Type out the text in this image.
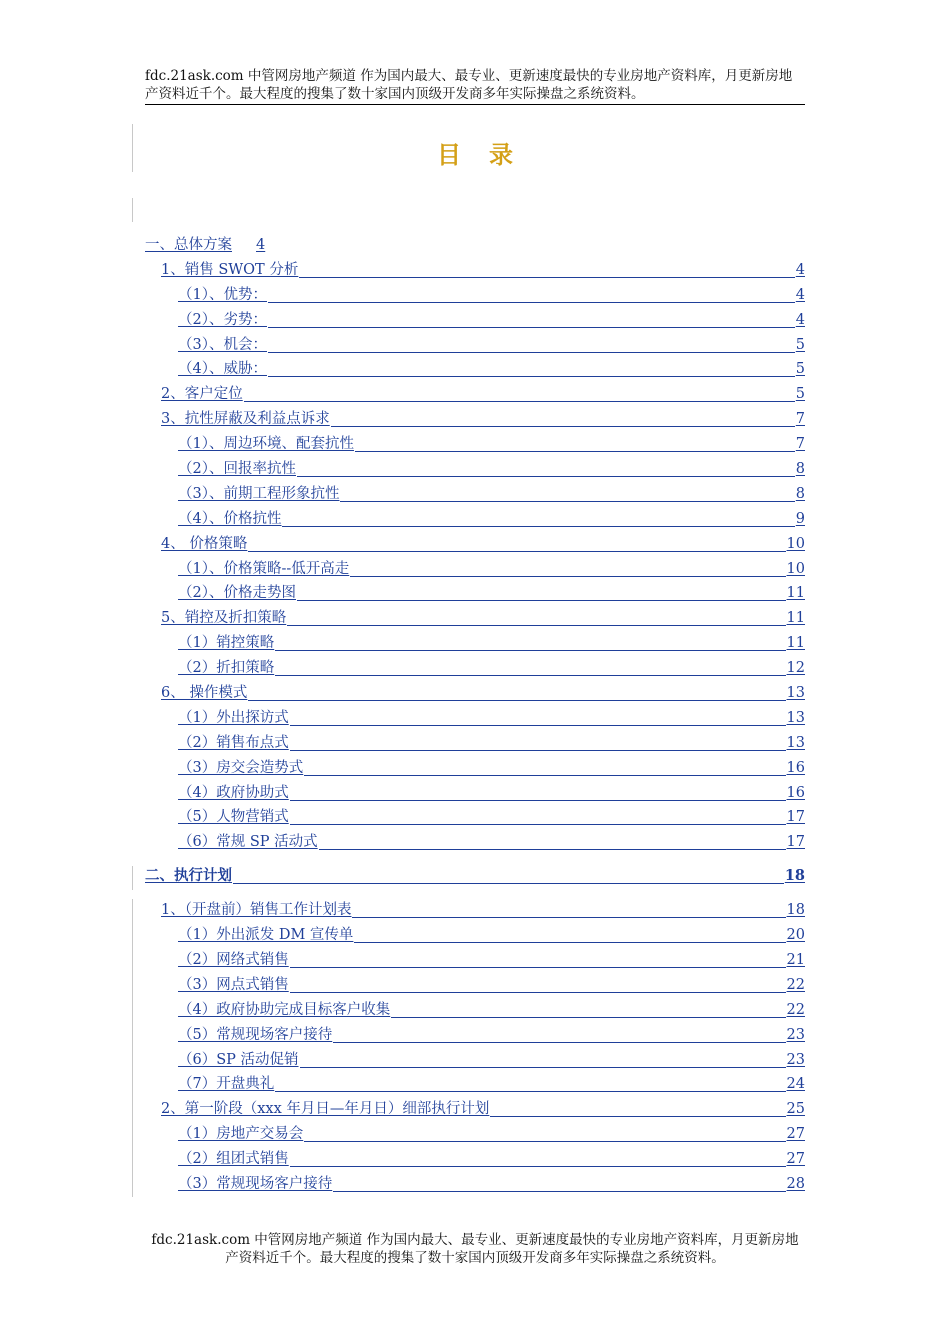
fdc.21ask.com 中管网房地产频道 作为国内最大、最专业、更新速度最快的专业房地产资料库，月更新房地产资料近千个。最大程度的搜集了数十家国内顶级开发商多年实际操盘之系统资料。
目录
一、总体方案 4
1、销售 SWOT 分析	4
（1）、优势：	4
（2）、劣势：	4
（3）、机会：	5
（4）、威胁：	5
2、客户定位	5
3、抗性屏蔽及利益点诉求	7
（1）、周边环境、配套抗性	7
（2）、回报率抗性	8
（3）、前期工程形象抗性	8
（4）、价格抗性	9
4、 价格策略	10
（1）、价格策略--低开高走	10
（2）、价格走势图	11
5、销控及折扣策略	11
（1）销控策略	11
（2）折扣策略	12
6、 操作模式	13
（1）外出探访式	13
（2）销售布点式	13
（3）房交会造势式	16
（4）政府协助式	16
（5）人物营销式	17
（6）常规 SP 活动式	17
二、执行计划	18
1、（开盘前）销售工作计划表	18
（1）外出派发 DM 宣传单	20
（2）网络式销售	21
（3）网点式销售	22
（4）政府协助完成目标客户收集	22
（5）常规现场客户接待	23
（6）SP 活动促销	23
（7）开盘典礼	24
2、第一阶段（xxx 年月日—年月日）细部执行计划	25
（1）房地产交易会	27
（2）组团式销售	27
（3）常规现场客户接待	28
fdc.21ask.com 中管网房地产频道 作为国内最大、最专业、更新速度最快的专业房地产资料库，月更新房地产资料近千个。最大程度的搜集了数十家国内顶级开发商多年实际操盘之系统资料。
